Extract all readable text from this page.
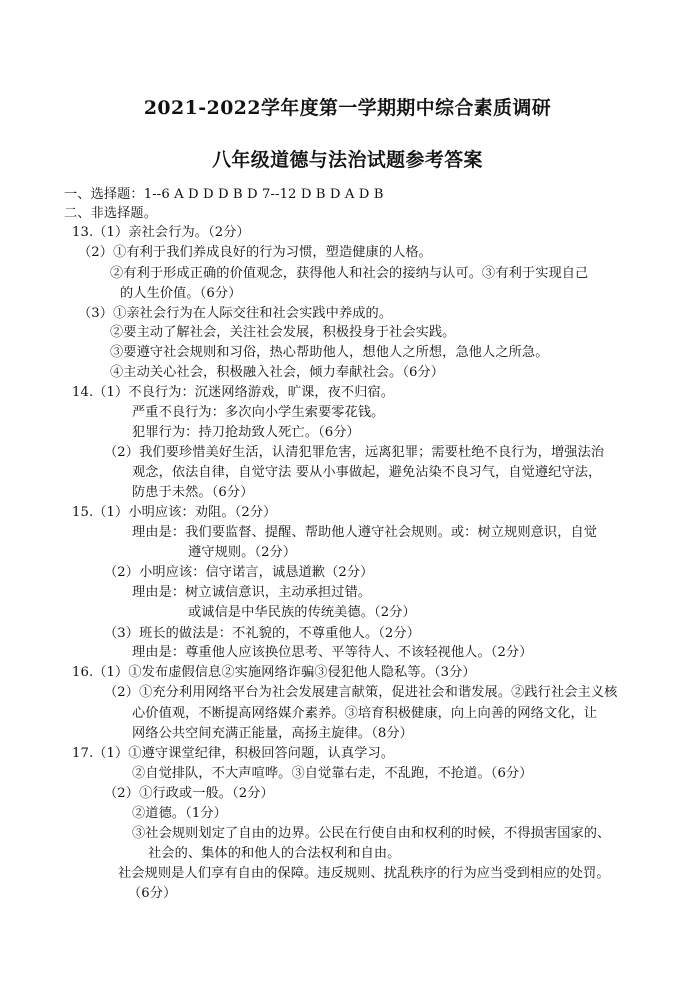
2021-2022学年度第一学期期中综合素质调研
八年级道德与法治试题参考答案
一、选择题：1--6 A D D D B D 7--12 D B D A D B
二、非选择题。
13.（1）亲社会行为。（2分）
（2）①有利于我们养成良好的行为习惯，塑造健康的人格。
②有利于形成正确的价值观念，获得他人和社会的接纳与认可。③有利于实现自己
的人生价值。（6分）
（3）①亲社会行为在人际交往和社会实践中养成的。
②要主动了解社会，关注社会发展，积极投身于社会实践。
③要遵守社会规则和习俗，热心帮助他人，想他人之所想，急他人之所急。
④主动关心社会，积极融入社会，倾力奉献社会。（6分）
14.（1）不良行为：沉迷网络游戏，旷课，夜不归宿。
严重不良行为：多次向小学生索要零花钱。
犯罪行为：持刀抢劫致人死亡。（6分）
（2）我们要珍惜美好生活，认清犯罪危害，远离犯罪；需要杜绝不良行为，增强法治
观念，依法自律，自觉守法 要从小事做起，避免沾染不良习气，自觉遵纪守法，
防患于未然。（6分）
15.（1）小明应该：劝阻。（2分）
理由是：我们要监督、提醒、帮助他人遵守社会规则。或：树立规则意识，自觉
遵守规则。（2分）
（2）小明应该：信守诺言，诚恳道歉（2分）
理由是：树立诚信意识，主动承担过错。
或诚信是中华民族的传统美德。（2分）
（3）班长的做法是：不礼貌的，不尊重他人。（2分）
理由是：尊重他人应该换位思考、平等待人、不该轻视他人。（2分）
16.（1）①发布虚假信息②实施网络诈骗③侵犯他人隐私等。（3分）
（2）①充分利用网络平台为社会发展建言献策，促进社会和谐发展。②践行社会主义核
心价值观，不断提高网络媒介素养。③培育积极健康，向上向善的网络文化，让
网络公共空间充满正能量，高扬主旋律。（8分）
17.（1）①遵守课堂纪律，积极回答问题，认真学习。
②自觉排队，不大声喧哗。③自觉靠右走，不乱跑，不抢道。（6分）
（2）①行政或一般。（2分）
②道德。（1分）
③社会规则划定了自由的边界。公民在行使自由和权利的时候，不得损害国家的、
社会的、集体的和他人的合法权利和自由。
社会规则是人们享有自由的保障。违反规则、扰乱秩序的行为应当受到相应的处罚。
（6分）
